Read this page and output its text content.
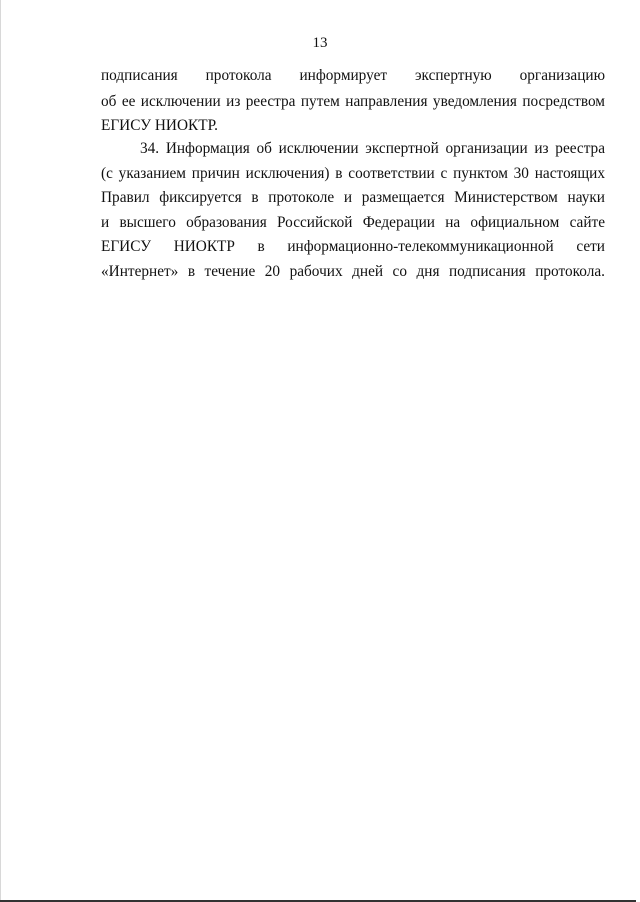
13
подписания протокола информирует экспертную организацию
об ее исключении из реестра путем направления уведомления посредством
ЕГИСУ НИОКТР.
34. Информация об исключении экспертной организации из реестра
(с указанием причин исключения) в соответствии с пунктом 30 настоящих
Правил фиксируется в протоколе и размещается Министерством науки
и высшего образования Российской Федерации на официальном сайте
ЕГИСУ НИОКТР в информационно-телекоммуникационной сети
«Интернет» в течение 20 рабочих дней со дня подписания протокола.
